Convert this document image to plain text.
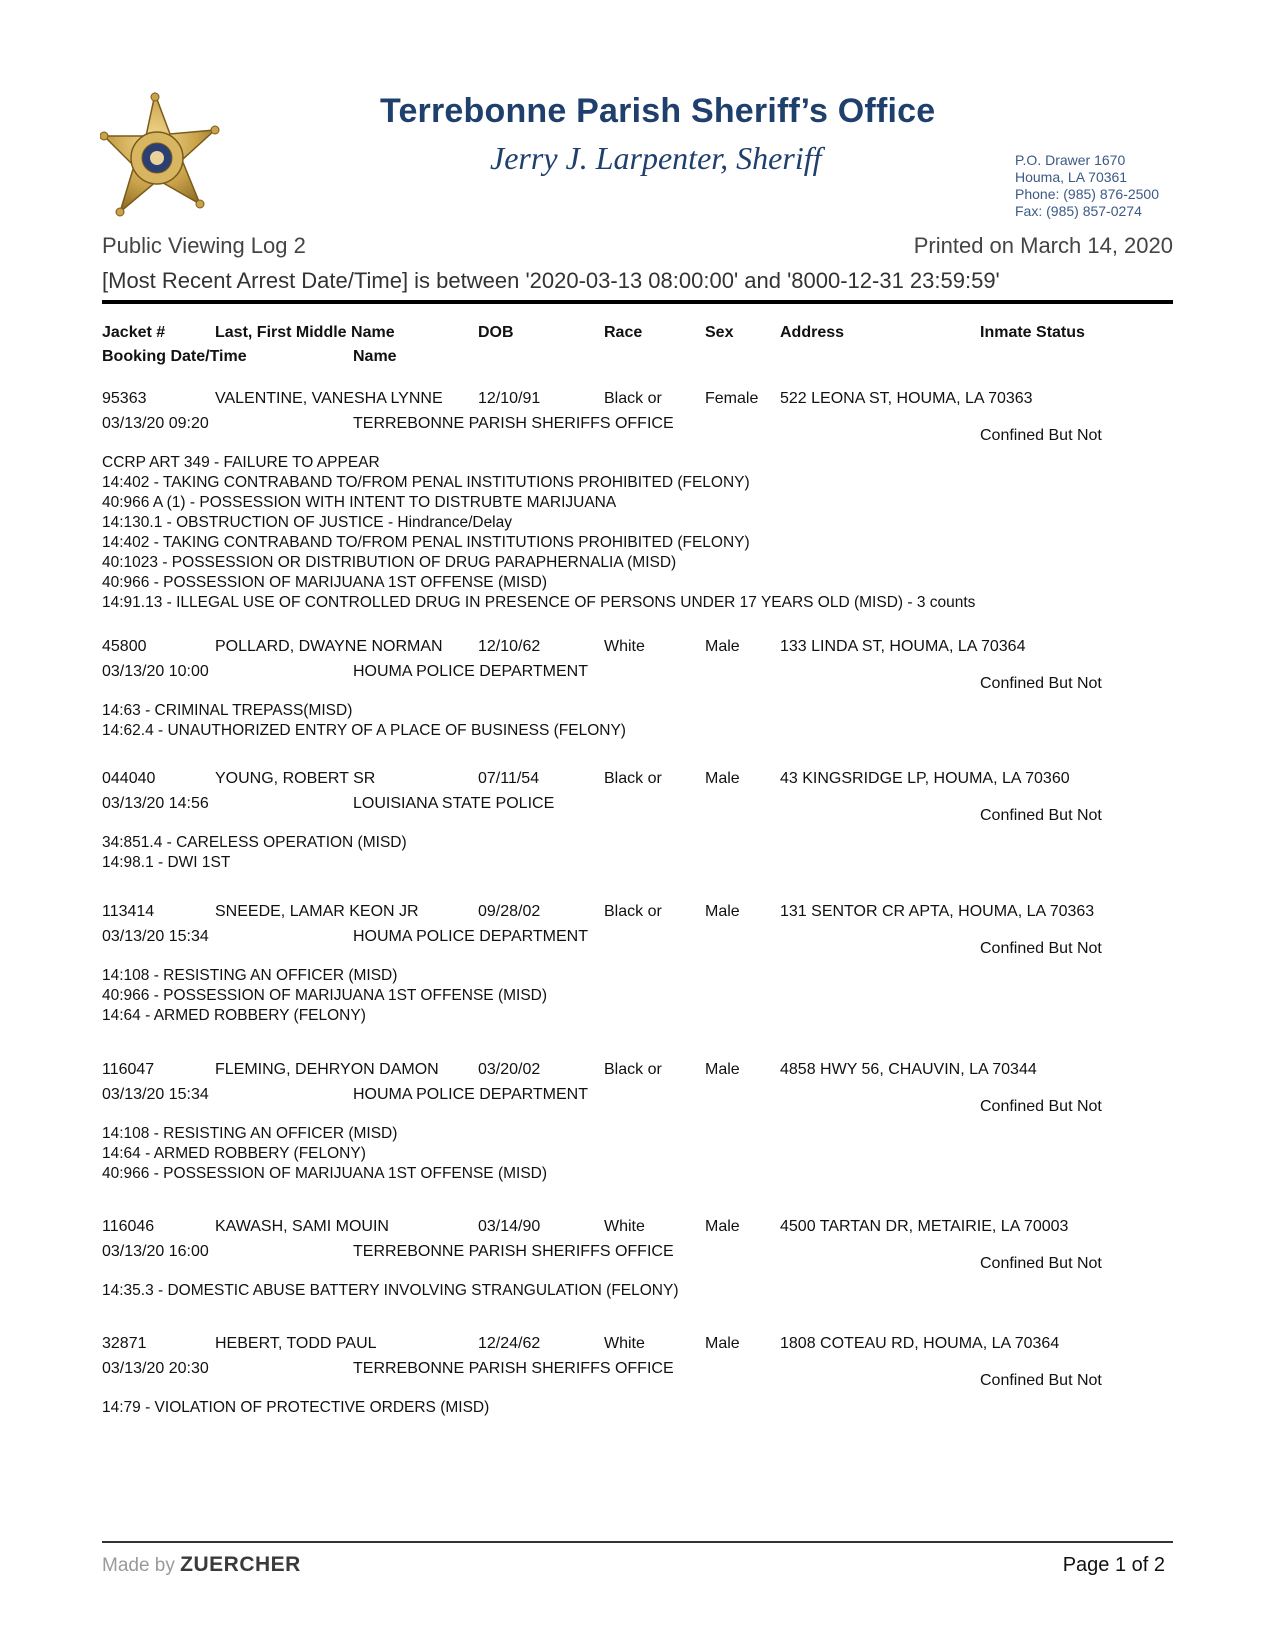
Terrebonne Parish Sheriff’s Office
Jerry J. Larpenter, Sheriff	P.O. Drawer 1670
Houma, LA 70361
Phone: (985) 876-2500
Fax: (985) 857-0274
Public Viewing Log 2	Printed on March 14, 2020
[Most Recent Arrest Date/Time] is between '2020-03-13 08:00:00' and '8000-12-31 23:59:59'
Jacket #	Last, First Middle Name	DOB	Race	Sex	Address	Inmate Status
Booking Date/Time	Name
95363	VALENTINE, VANESHA LYNNE 12/10/91	Black or	Female 522 LEONA ST, HOUMA, LA 70363
03/13/20 09:20	TERREBONNE PARISH SHERIFFS OFFICE
Confined But Not
CCRP ART 349 - FAILURE TO APPEAR
14:402 - TAKING CONTRABAND TO/FROM PENAL INSTITUTIONS PROHIBITED (FELONY)
40:966 A (1) - POSSESSION WITH INTENT TO DISTRUBTE MARIJUANA
14:130.1 - OBSTRUCTION OF JUSTICE - Hindrance/Delay
14:402 - TAKING CONTRABAND TO/FROM PENAL INSTITUTIONS PROHIBITED (FELONY)
40:1023 - POSSESSION OR DISTRIBUTION OF DRUG PARAPHERNALIA (MISD)
40:966 - POSSESSION OF MARIJUANA 1ST OFFENSE (MISD)
14:91.13 - ILLEGAL USE OF CONTROLLED DRUG IN PRESENCE OF PERSONS UNDER 17 YEARS OLD (MISD) - 3 counts
45800	POLLARD, DWAYNE NORMAN 12/10/62	White	Male	133 LINDA ST, HOUMA, LA 70364
03/13/20 10:00	HOUMA POLICE DEPARTMENT
Confined But Not
14:63 - CRIMINAL TREPASS(MISD)
14:62.4 - UNAUTHORIZED ENTRY OF A PLACE OF BUSINESS (FELONY)
044040	YOUNG, ROBERT SR	07/11/54	Black or	Male	43 KINGSRIDGE LP, HOUMA, LA 70360
03/13/20 14:56	LOUISIANA STATE POLICE
Confined But Not
34:851.4 - CARELESS OPERATION (MISD)
14:98.1 - DWI 1ST
113414	SNEEDE, LAMAR KEON JR	09/28/02	Black or	Male	131 SENTOR CR APTA, HOUMA, LA 70363
03/13/20 15:34	HOUMA POLICE DEPARTMENT
Confined But Not
14:108 - RESISTING AN OFFICER (MISD)
40:966 - POSSESSION OF MARIJUANA 1ST OFFENSE (MISD)
14:64 - ARMED ROBBERY (FELONY)
116047	FLEMING, DEHRYON DAMON 03/20/02	Black or	Male	4858 HWY 56, CHAUVIN, LA 70344
03/13/20 15:34	HOUMA POLICE DEPARTMENT
Confined But Not
14:108 - RESISTING AN OFFICER (MISD)
14:64 - ARMED ROBBERY (FELONY)
40:966 - POSSESSION OF MARIJUANA 1ST OFFENSE (MISD)
116046	KAWASH, SAMI MOUIN	03/14/90	White	Male	4500 TARTAN DR, METAIRIE, LA 70003
03/13/20 16:00	TERREBONNE PARISH SHERIFFS OFFICE
Confined But Not
14:35.3 - DOMESTIC ABUSE BATTERY INVOLVING STRANGULATION (FELONY)
32871	HEBERT, TODD PAUL	12/24/62	White	Male	1808 COTEAU RD, HOUMA, LA 70364
03/13/20 20:30	TERREBONNE PARISH SHERIFFS OFFICE
Confined But Not
14:79 - VIOLATION OF PROTECTIVE ORDERS (MISD)
Made by ZUERCHER	Page 1 of 2
